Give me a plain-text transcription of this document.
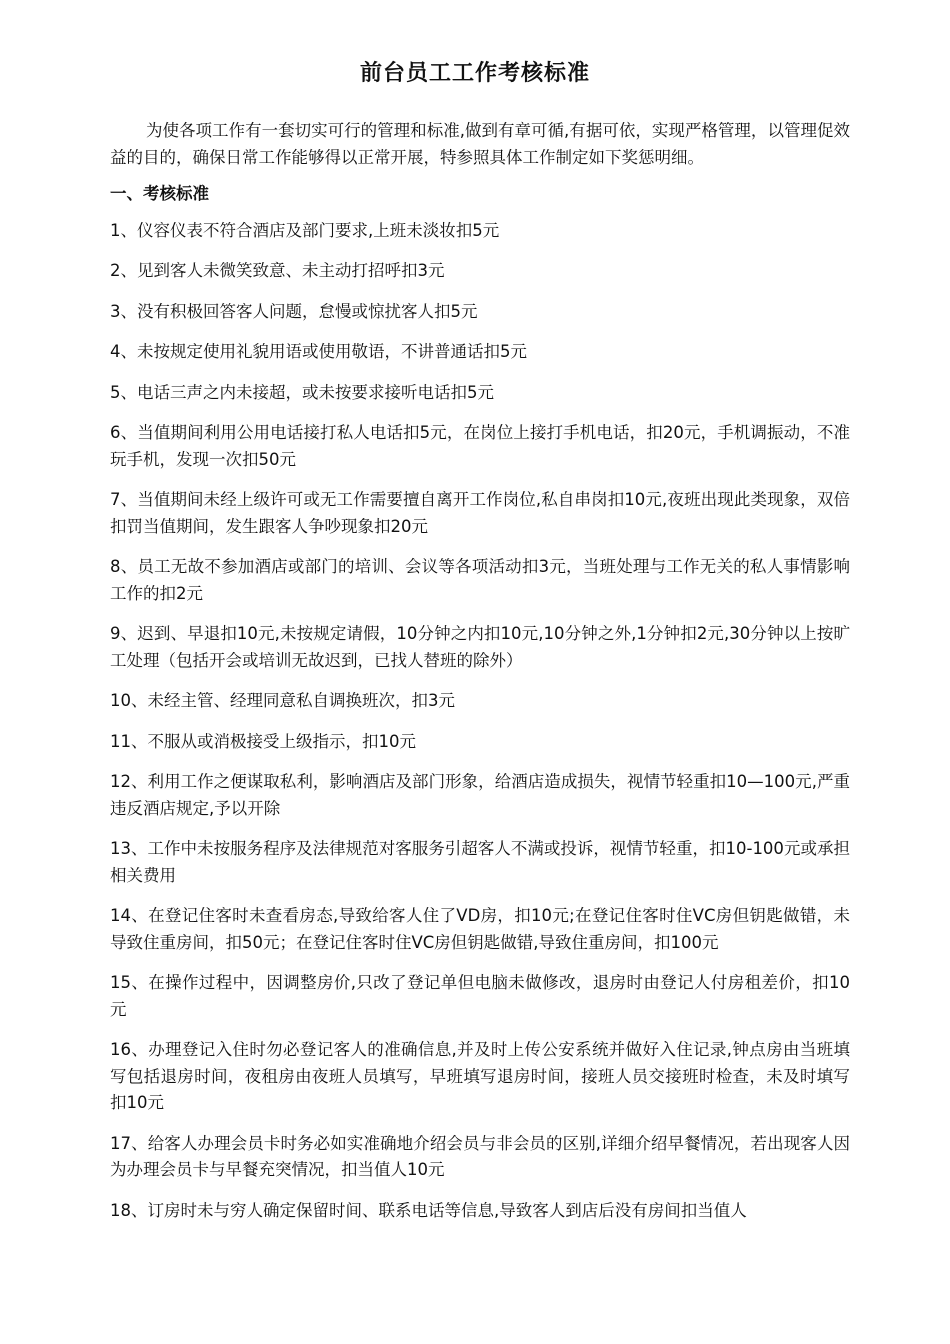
前台员工工作考核标准

为使各项工作有一套切实可行的管理和标准,做到有章可循,有据可依，实现严格管理，以管理促效益的目的，确保日常工作能够得以正常开展，特参照具体工作制定如下奖惩明细。

一、考核标准

1、仪容仪表不符合酒店及部门要求,上班未淡妆扣5元

2、见到客人未微笑致意、未主动打招呼扣3元

3、没有积极回答客人问题，怠慢或惊扰客人扣5元

4、未按规定使用礼貌用语或使用敬语，不讲普通话扣5元

5、电话三声之内未接超，或未按要求接听电话扣5元

6、当值期间利用公用电话接打私人电话扣5元，在岗位上接打手机电话，扣20元，手机调振动，不准玩手机，发现一次扣50元

7、当值期间未经上级许可或无工作需要擅自离开工作岗位,私自串岗扣10元,夜班出现此类现象，双倍扣罚当值期间，发生跟客人争吵现象扣20元

8、员工无故不参加酒店或部门的培训、会议等各项活动扣3元，当班处理与工作无关的私人事情影响工作的扣2元

9、迟到、早退扣10元,未按规定请假，10分钟之内扣10元,10分钟之外,1分钟扣2元,30分钟以上按旷工处理（包括开会或培训无故迟到，已找人替班的除外）

10、未经主管、经理同意私自调换班次，扣3元

11、不服从或消极接受上级指示，扣10元

12、利用工作之便谋取私利，影响酒店及部门形象，给酒店造成损失，视情节轻重扣10—100元,严重违反酒店规定,予以开除

13、工作中未按服务程序及法律规范对客服务引超客人不满或投诉，视情节轻重，扣10-100元或承担相关费用

14、在登记住客时未查看房态,导致给客人住了VD房，扣10元;在登记住客时住VC房但钥匙做错，未导致住重房间，扣50元；在登记住客时住VC房但钥匙做错,导致住重房间，扣100元

15、在操作过程中，因调整房价,只改了登记单但电脑未做修改，退房时由登记人付房租差价，扣10元

16、办理登记入住时勿必登记客人的准确信息,并及时上传公安系统并做好入住记录,钟点房由当班填写包括退房时间，夜租房由夜班人员填写，早班填写退房时间，接班人员交接班时检查，未及时填写扣10元

17、给客人办理会员卡时务必如实准确地介绍会员与非会员的区别,详细介绍早餐情况，若出现客人因为办理会员卡与早餐充突情况，扣当值人10元

18、订房时未与穷人确定保留时间、联系电话等信息,导致客人到店后没有房间扣当值人
